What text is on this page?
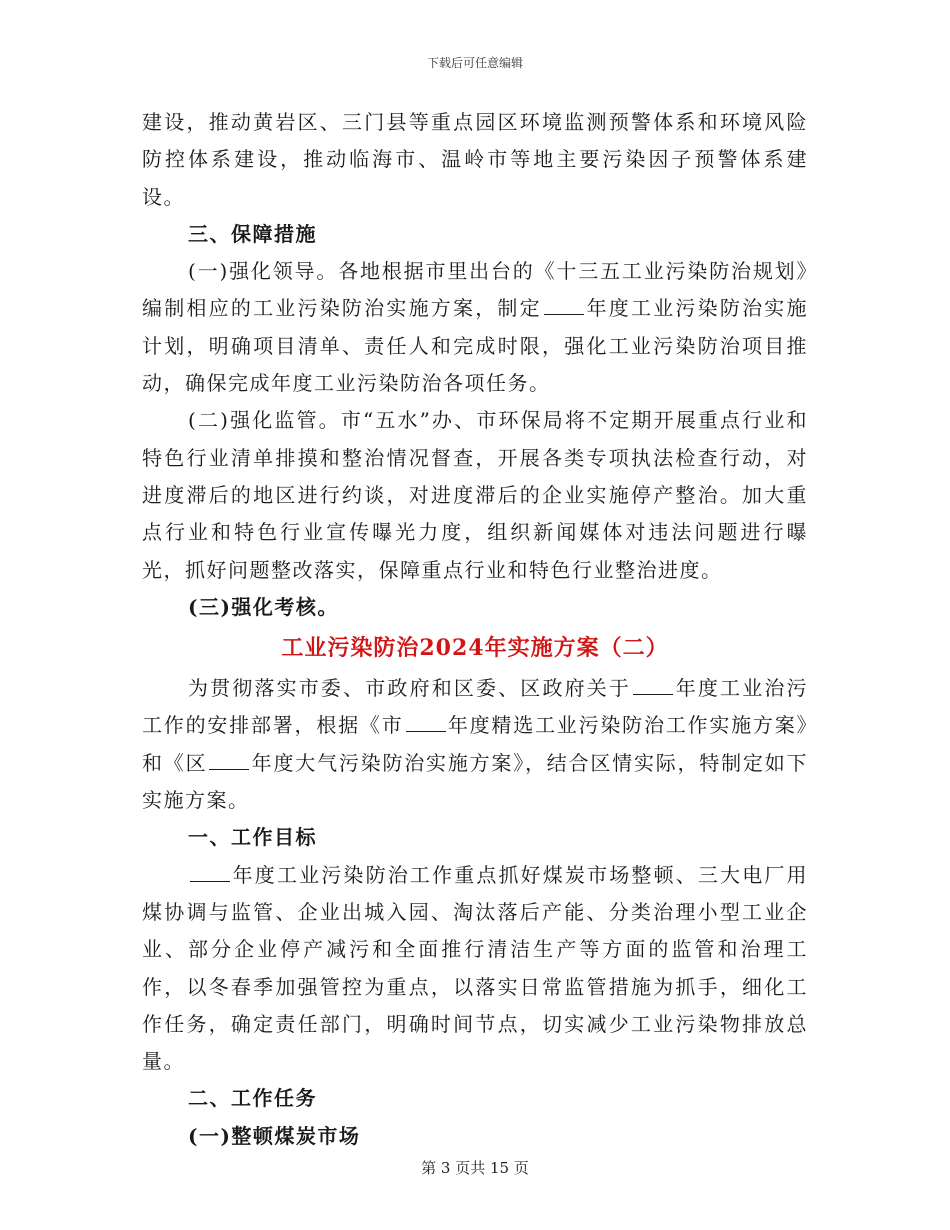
下载后可任意编辑

建设，推动黄岩区、三门县等重点园区环境监测预警体系和环境风险防控体系建设，推动临海市、温岭市等地主要污染因子预警体系建设。

三、保障措施

(一)强化领导。各地根据市里出台的《十三五工业污染防治规划》编制相应的工业污染防治实施方案，制定 年度工业污染防治实施计划，明确项目清单、责任人和完成时限，强化工业污染防治项目推动，确保完成年度工业污染防治各项任务。

(二)强化监管。市“五水”办、市环保局将不定期开展重点行业和特色行业清单排摸和整治情况督查，开展各类专项执法检查行动，对进度滞后的地区进行约谈，对进度滞后的企业实施停产整治。加大重点行业和特色行业宣传曝光力度，组织新闻媒体对违法问题进行曝光，抓好问题整改落实，保障重点行业和特色行业整治进度。

(三)强化考核。

工业污染防治2024年实施方案（二）

为贯彻落实市委、市政府和区委、区政府关于 年度工业治污工作的安排部署，根据《市 年度精选工业污染防治工作实施方案》和《区 年度大气污染防治实施方案》，结合区情实际，特制定如下实施方案。

一、工作目标

年度工业污染防治工作重点抓好煤炭市场整顿、三大电厂用煤协调与监管、企业出城入园、淘汰落后产能、分类治理小型工业企业、部分企业停产减污和全面推行清洁生产等方面的监管和治理工作，以冬春季加强管控为重点，以落实日常监管措施为抓手，细化工作任务，确定责任部门，明确时间节点，切实减少工业污染物排放总量。

二、工作任务

(一)整顿煤炭市场

第 3 页共 15 页
